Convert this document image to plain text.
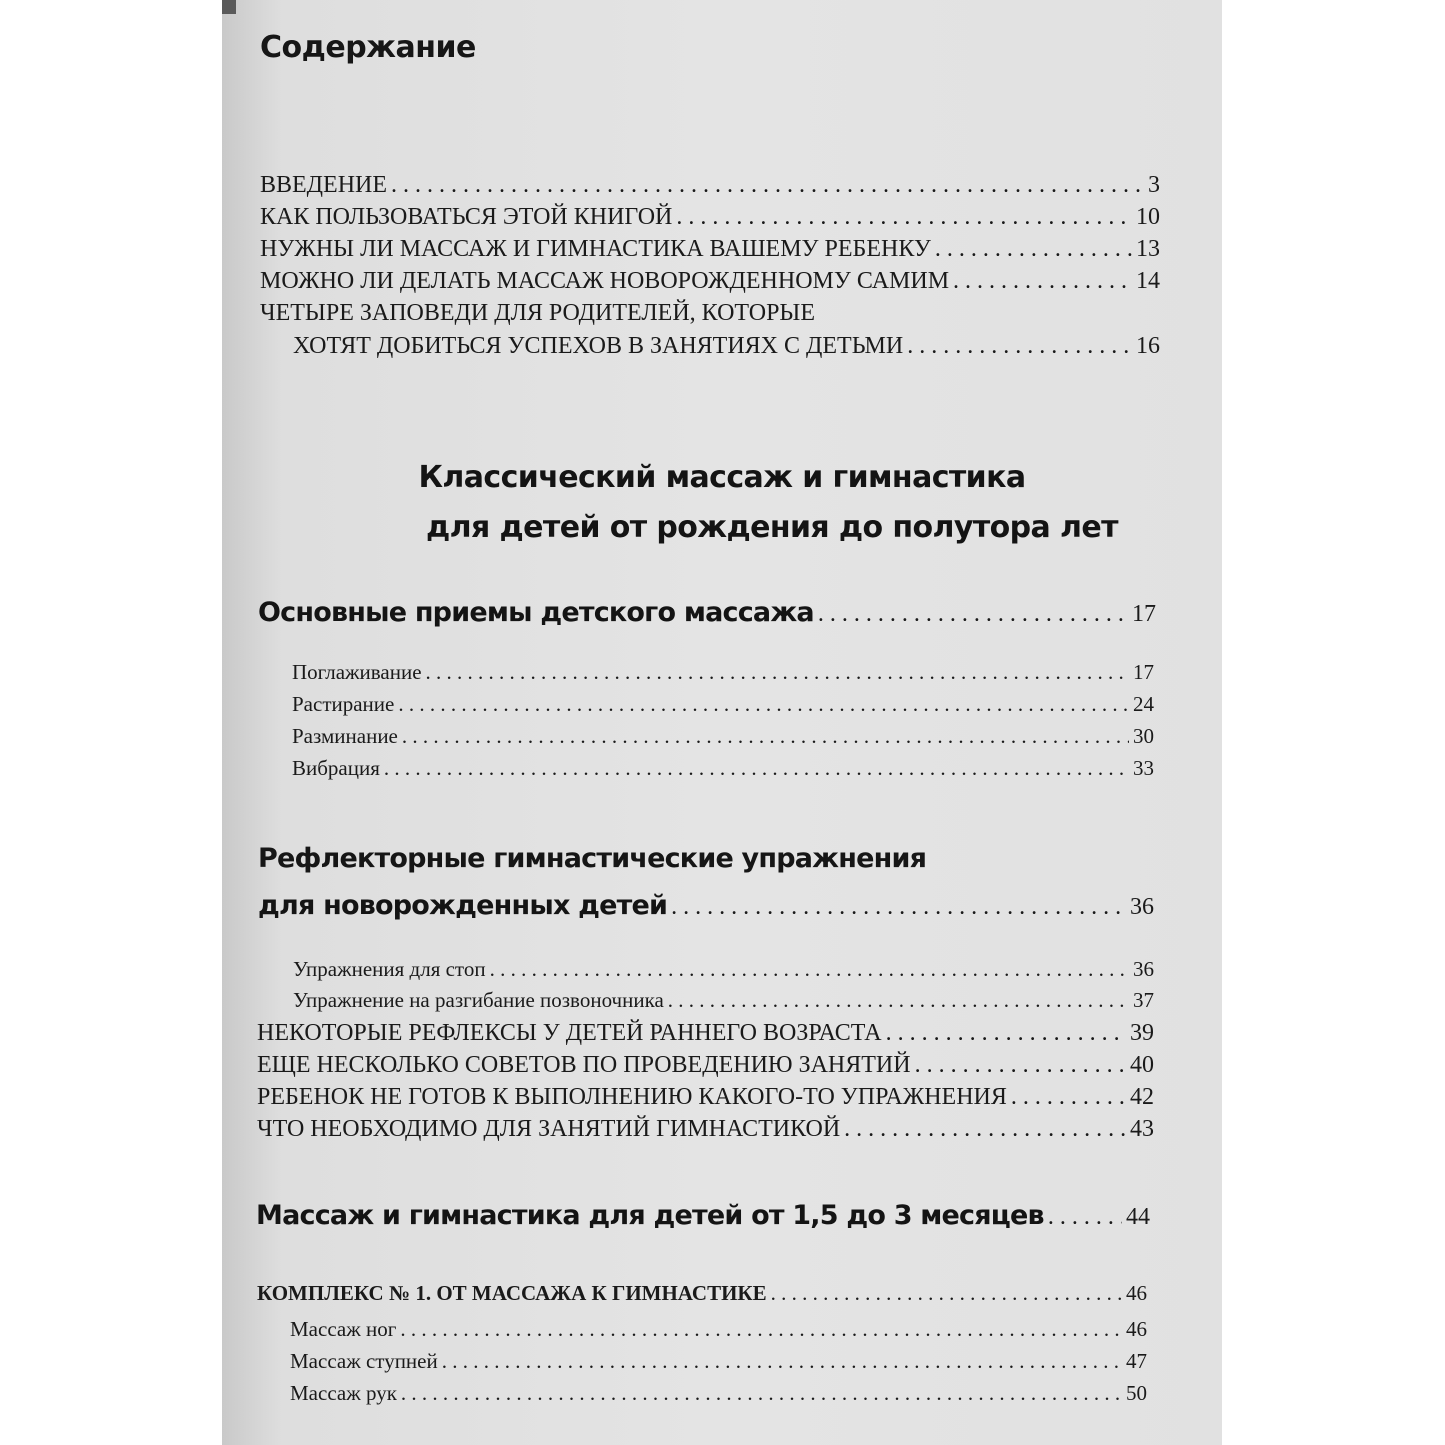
Содержание
ВВЕДЕНИЕ . . .	3
КАК ПОЛЬЗОВАТЬСЯ ЭТОЙ КНИГОЙ . . .	10
НУЖНЫ ЛИ МАССАЖ И ГИМНАСТИКА ВАШЕМУ РЕБЕНКУ . . .	13
МОЖНО ЛИ ДЕЛАТЬ МАССАЖ НОВОРОЖДЕННОМУ САМИМ . . .	14
ЧЕТЫРЕ ЗАПОВЕДИ ДЛЯ РОДИТЕЛЕЙ, КОТОРЫЕ
ХОТЯТ ДОБИТЬСЯ УСПЕХОВ В ЗАНЯТИЯХ С ДЕТЬМИ . . .	16
Классический массаж и гимнастика
для детей от рождения до полутора лет
Основные приемы детского массажа . . .	17
Поглаживание . . .	17
Растирание . . .	24
Разминание . . .	30
Вибрация . . .	33
Рефлекторные гимнастические упражнения
для новорожденных детей . . .	36
Упражнения для стоп . . .	36
Упражнение на разгибание позвоночника . . .	37
НЕКОТОРЫЕ РЕФЛЕКСЫ У ДЕТЕЙ РАННЕГО ВОЗРАСТА . . .	39
ЕЩЕ НЕСКОЛЬКО СОВЕТОВ ПО ПРОВЕДЕНИЮ ЗАНЯТИЙ . . .	40
РЕБЕНОК НЕ ГОТОВ К ВЫПОЛНЕНИЮ КАКОГО-ТО УПРАЖНЕНИЯ . . .	42
ЧТО НЕОБХОДИМО ДЛЯ ЗАНЯТИЙ ГИМНАСТИКОЙ . . .	43
Массаж и гимнастика для детей от 1,5 до 3 месяцев . . .	44
КОМПЛЕКС № 1. ОТ МАССАЖА К ГИМНАСТИКЕ . . .	46
Массаж ног . . .	46
Массаж ступней . . .	47
Массаж рук . . .	50
